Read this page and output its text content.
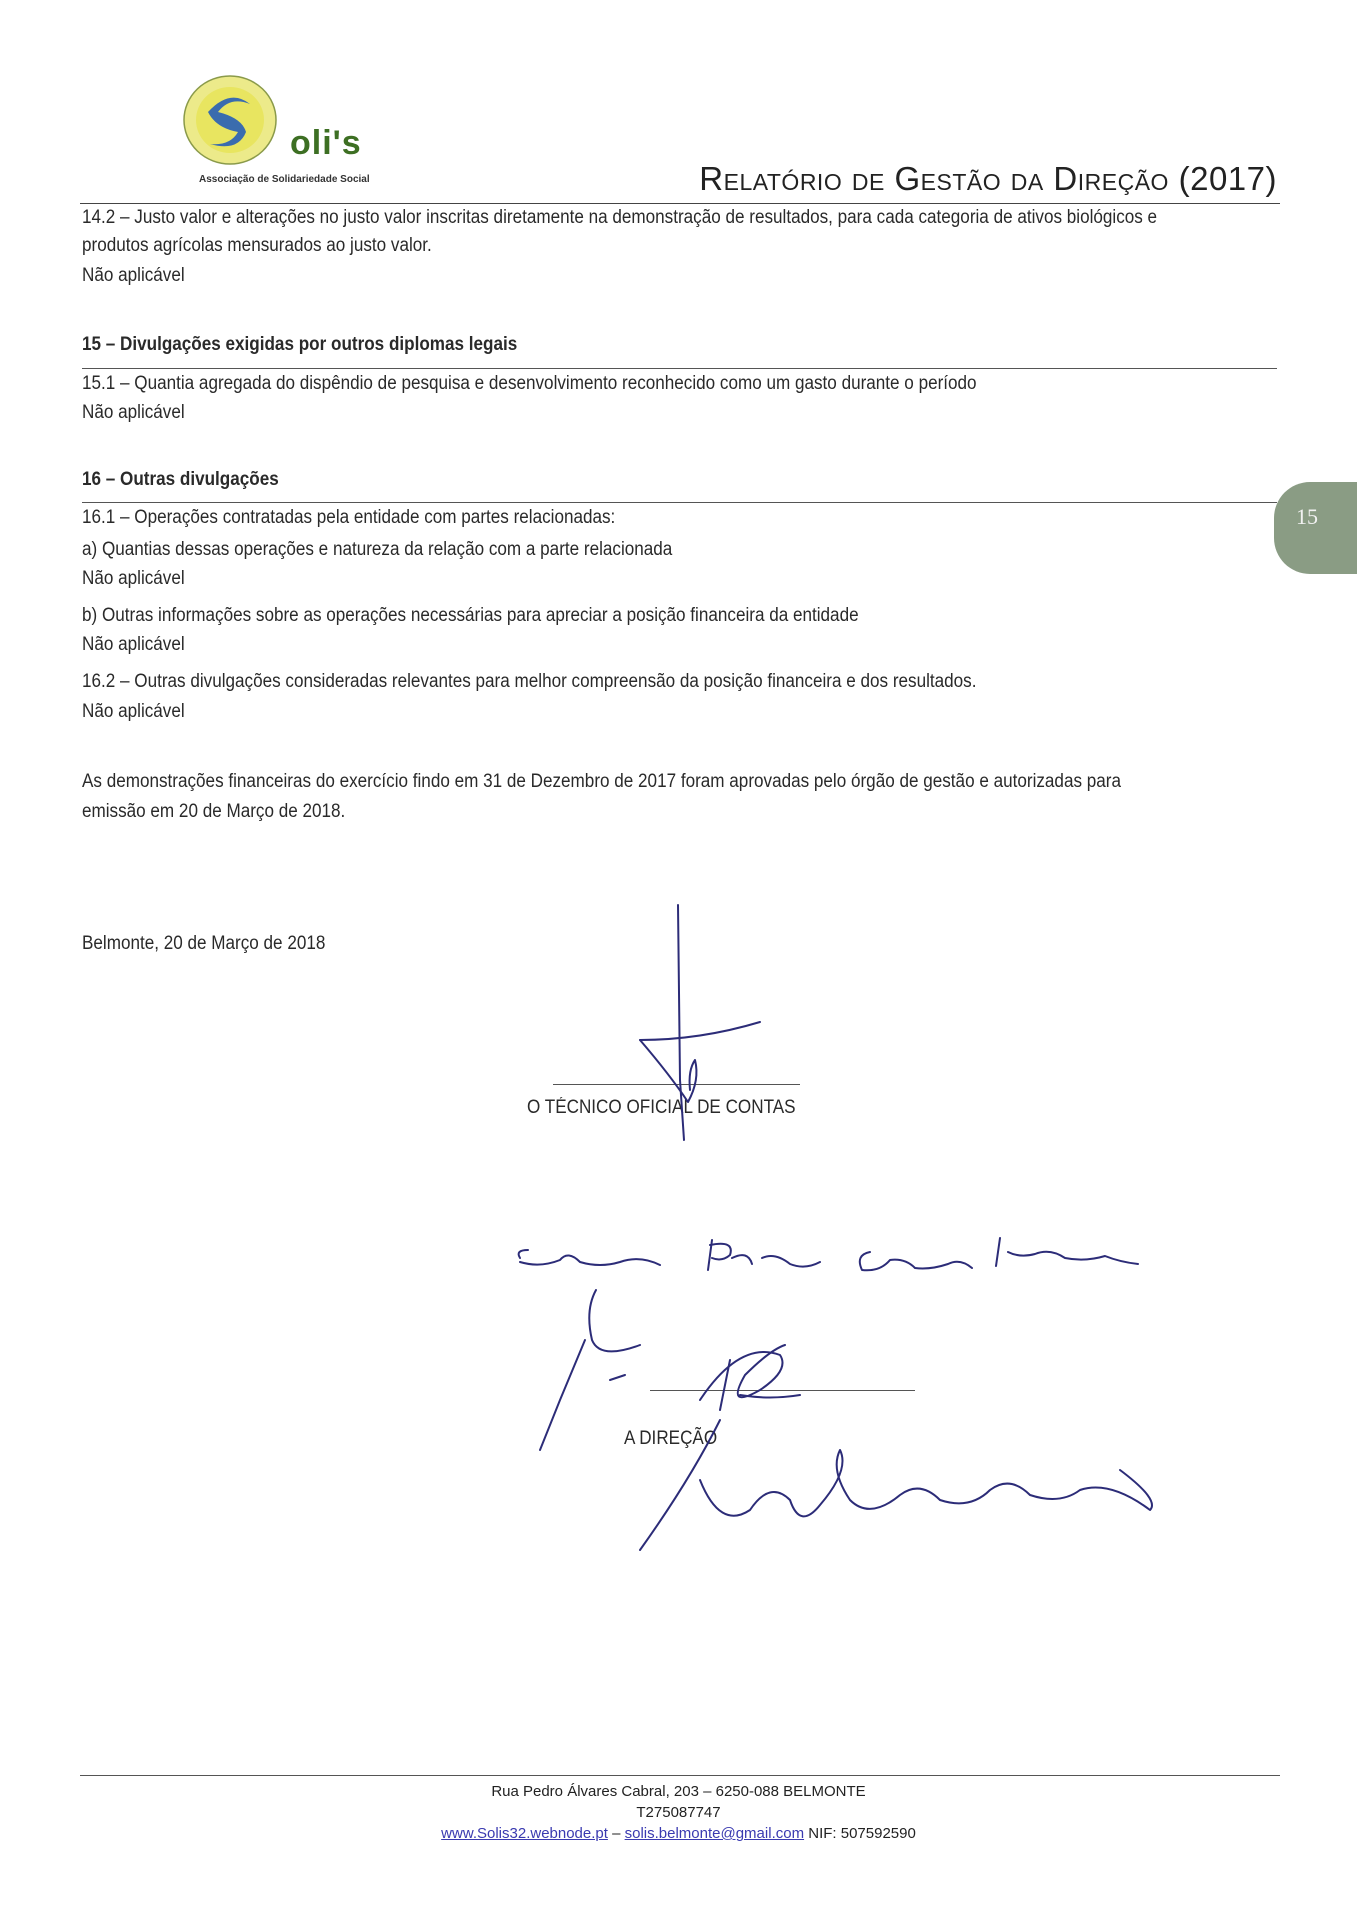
oli's
Associação de Solidariedade Social	Relatório de Gestão da Direção (2017)
14.2 – Justo valor e alterações no justo valor inscritas diretamente na demonstração de resultados, para cada categoria de ativos biológicos e
produtos agrícolas mensurados ao justo valor.
Não aplicável
15 – Divulgações exigidas por outros diplomas legais
15.1 – Quantia agregada do dispêndio de pesquisa e desenvolvimento reconhecido como um gasto durante o período
Não aplicável
16 – Outras divulgações
16.1 – Operações contratadas pela entidade com partes relacionadas:
a) Quantias dessas operações e natureza da relação com a parte relacionada
Não aplicável
b) Outras informações sobre as operações necessárias para apreciar a posição financeira da entidade
Não aplicável
16.2 – Outras divulgações consideradas relevantes para melhor compreensão da posição financeira e dos resultados.
Não aplicável
15
As demonstrações financeiras do exercício findo em 31 de Dezembro de 2017 foram aprovadas pelo órgão de gestão e autorizadas para
emissão em 20 de Março de 2018.
Belmonte, 20 de Março de 2018
O TÉCNICO OFICIAL DE CONTAS
A DIREÇÃO
Rua Pedro Álvares Cabral, 203 – 6250-088 BELMONTE
T275087747
www.Solis32.webnode.pt – solis.belmonte@gmail.com NIF: 507592590
